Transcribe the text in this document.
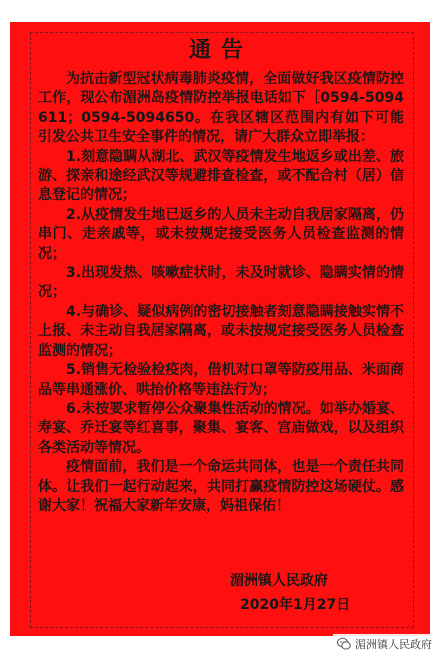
通告

为抗击新型冠状病毒肺炎疫情，全面做好我区疫情防控工作，现公布湄洲岛疫情防控举报电话如下［0594-5094611；0594-5094650。在我区辖区范围内有如下可能引发公共卫生安全事件的情况，请广大群众立即举报：

1.刻意隐瞒从湖北、武汉等疫情发生地返乡或出差、旅游、探亲和途经武汉等规避排查检查，或不配合村（居）信息登记的情况；

2.从疫情发生地已返乡的人员未主动自我居家隔离，仍串门、走亲戚等，或未按规定接受医务人员检查监测的情况；

3.出现发热、咳嗽症状时，未及时就诊、隐瞒实情的情况；

4.与确诊、疑似病例的密切接触者刻意隐瞒接触实情不上报、未主动自我居家隔离，或未按规定接受医务人员检查监测的情况；

5.销售无检验检疫肉，借机对口罩等防疫用品、米面商品等串通涨价、哄抬价格等违法行为；

6.未按要求暂停公众聚集性活动的情况。如举办婚宴、寿宴、乔迁宴等红喜事，聚集、宴客、宫庙做戏，以及组织各类活动等情况。

疫情面前，我们是一个命运共同体，也是一个责任共同体。让我们一起行动起来，共同打赢疫情防控这场硬仗。感谢大家！祝福大家新年安康，妈祖保佑！

湄洲镇人民政府
2020年1月27日
湄洲镇人民政府
